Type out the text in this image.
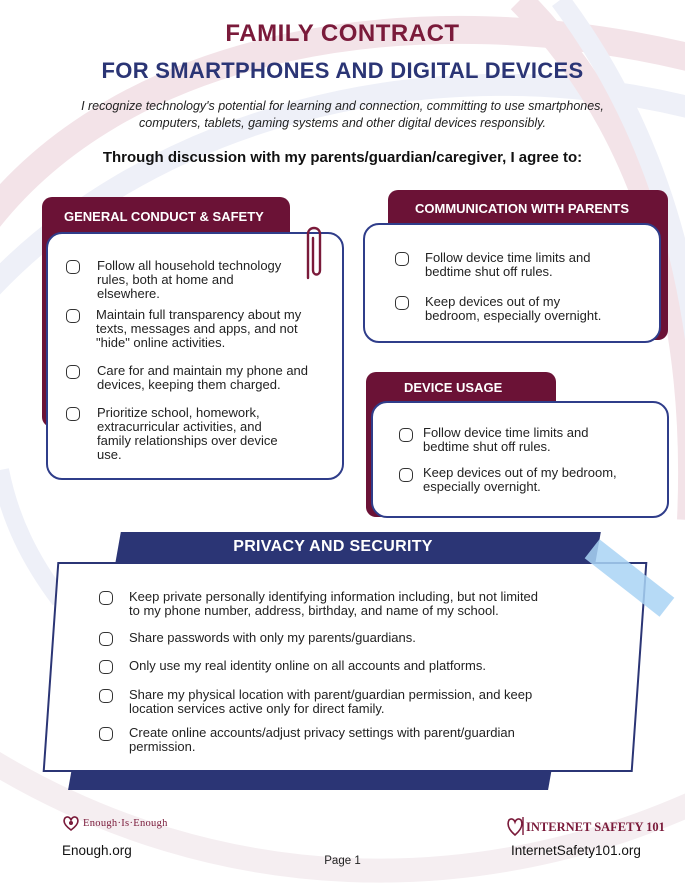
FAMILY CONTRACT
FOR SMARTPHONES AND DIGITAL DEVICES
I recognize technology's potential for learning and connection, committing to use smartphones,
computers, tablets, gaming systems and other digital devices responsibly.
Through discussion with my parents/guardian/caregiver, I agree to:
GENERAL CONDUCT & SAFETY
Follow all household technology
rules, both at home and
elsewhere.
Maintain full transparency about my
texts, messages and apps, and not
"hide" online activities.
Care for and maintain my phone and
devices, keeping them charged.
Prioritize school, homework,
extracurricular activities, and
family relationships over device
use.
COMMUNICATION WITH PARENTS
Follow device time limits and
bedtime shut off rules.
Keep devices out of my
bedroom, especially overnight.
DEVICE USAGE
Follow device time limits and
bedtime shut off rules.
Keep devices out of my bedroom,
especially overnight.
PRIVACY AND SECURITY
Keep private personally identifying information including, but not limited
to my phone number, address, birthday, and name of my school.
Share passwords with only my parents/guardians.
Only use my real identity online on all accounts and platforms.
Share my physical location with parent/guardian permission, and keep
location services active only for direct family.
Create online accounts/adjust privacy settings with parent/guardian
permission.
Enough·Is·Enough
Enough.org
INTERNET SAFETY 101
InternetSafety101.org
Page 1
